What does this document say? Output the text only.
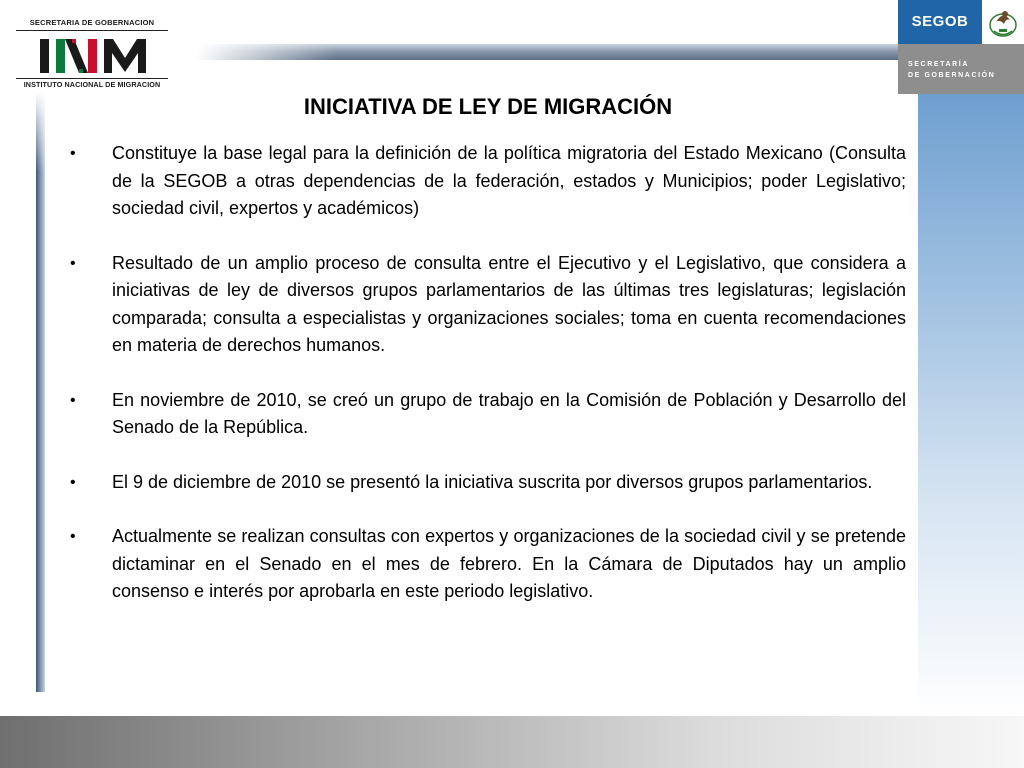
SECRETARIA DE GOBERNACION
INSTITUTO NACIONAL DE MIGRACION
SEGOB
SECRETARÍA
DE GOBERNACIÓN
INICIATIVA DE LEY DE MIGRACIÓN
• Constituye la base legal para la definición de la política migratoria del Estado Mexicano (Consulta de la SEGOB a otras dependencias de la federación, estados y Municipios; poder Legislativo; sociedad civil, expertos y académicos)
• Resultado de un amplio proceso de consulta entre el Ejecutivo y el Legislativo, que considera a iniciativas de ley de diversos grupos parlamentarios de las últimas tres legislaturas; legislación comparada; consulta a especialistas y organizaciones sociales; toma en cuenta recomendaciones en materia de derechos humanos.
• En noviembre de 2010, se creó un grupo de trabajo en la Comisión de Población y Desarrollo del Senado de la República.
• El 9 de diciembre de 2010 se presentó la iniciativa suscrita por diversos grupos parlamentarios.
• Actualmente se realizan consultas con expertos y organizaciones de la sociedad civil y se pretende dictaminar en el Senado en el mes de febrero. En la Cámara de Diputados hay un amplio consenso e interés por aprobarla en este periodo legislativo.
